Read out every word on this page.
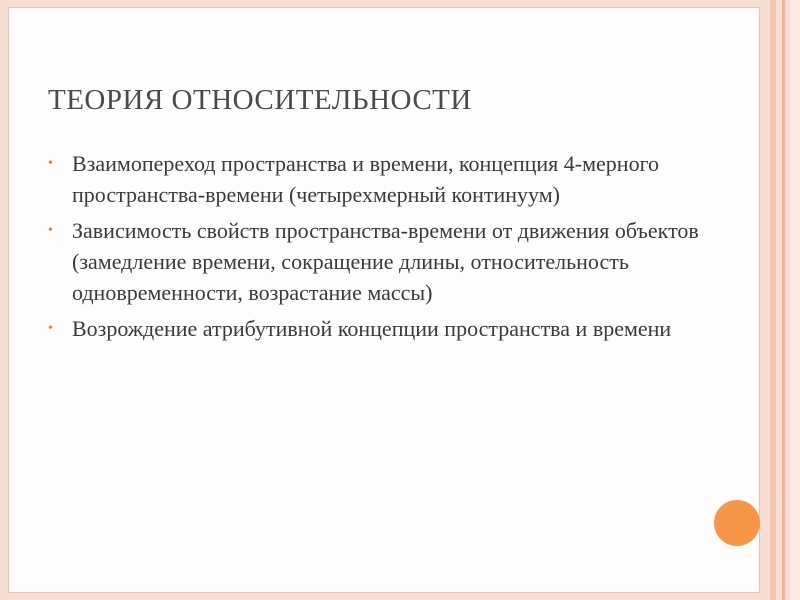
ТЕОРИЯ ОТНОСИТЕЛЬНОСТИ
• Взаимопереход пространства и времени, концепция 4-мерного пространства-времени (четырехмерный континуум)
• Зависимость свойств пространства-времени от движения объектов (замедление времени, сокращение длины, относительность одновременности, возрастание массы)
• Возрождение атрибутивной концепции пространства и времени
